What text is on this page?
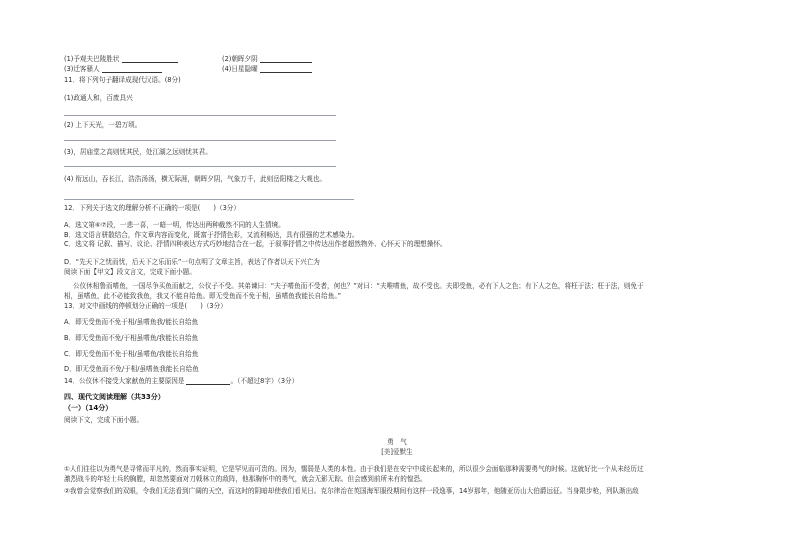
(1)予观夫巴陵胜状	(2)朝晖夕阴
(3)迁客骚人	(4)日星隐曜
11．将下列句子翻译成现代汉语。(8分)
(1)政通人和，百废具兴
(2) 上下天光，一碧万顷。
(3)，居庙堂之高则忧其民，处江湖之远则忧其君。
(4) 衔远山，吞长江，浩浩汤汤，横无际涯，朝晖夕阴，气象万千，此则岳阳楼之大观也。
12．下列关于选文的理解分析不正确的一项是(　　)（3分）
A．选文第⑥⑦段，一悲一喜，一暗一明，传达出两种截然不同的人生情境。
B．选文语言骈散结合，作文章内容而变化，既富于抒情色彩，又流利畅达，具有很强的艺术感染力。
C．选文将 记叙、描写、议论、抒情四种表达方式巧妙地结合在一起，于叙事抒情之中传达出作者超然物外、心怀天下的理想操怀。
D．“先天下之忧而忧，后天下之乐而乐”一句点明了文章主旨，表达了作者以天下兴亡为
阅读下面【甲文】段文言文，完成下面小题。
公仪休相鲁而嗜鱼，一国尽争买鱼而献之，公仪子不受。其弟谏曰：“夫子嗜鱼而不受者，何也？”对曰：“夫唯嗜鱼，故不受也。夫即受鱼，必有下人之色；有下人之色，将枉于法；枉于法，则免于
相，虽嗜鱼，此不必能致我鱼，我又不能自给鱼。即无受鱼而不免于相，虽嗜鱼我能长自给鱼。”
13．对文中画线的停顿划分正确的一项是(　　)（3分）
A．即无受鱼而不免于相/虽嗜鱼我/能长自给鱼
B．即无受鱼而不免/于相虽嗜鱼/我能长自给鱼
C．即无受鱼而不免于相/虽嗜鱼/我能长自给鱼
D．即无受鱼而不免/于相/虽嗜鱼我能长自给鱼
14．公仪休不接受大家献鱼的主要原因是	。（不超过8字）（3分）
四、现代文阅读理解（共33分）
（一）（14分）
阅读下文，完成下面小题。
勇　气
[美]爱默生
①人们往往以为勇气是寻常而平凡的，然而事实证明，它是罕见而可贵的。因为，懦弱是人类的本性。由于我们是在安宁中成长起来的，所以很少会面临那种需要勇气的时候。这就好比一个从未经历过
激烈战斗的年轻士兵的胸膛，却忽然要面对刀戟林立的敌阵，他那胸怀中的勇气，就会无影无踪。但会感到前所未有的惶恐。
②我曾会觉察我们的双眼，令我们无法看到广阔的天空，而这时的阴暗却使我们看见日。克尔律治在英国海军服役期间有这样一段逸事，14岁那年，他随亚历山大伯爵远征。当身限步枪，列队渐出敌
